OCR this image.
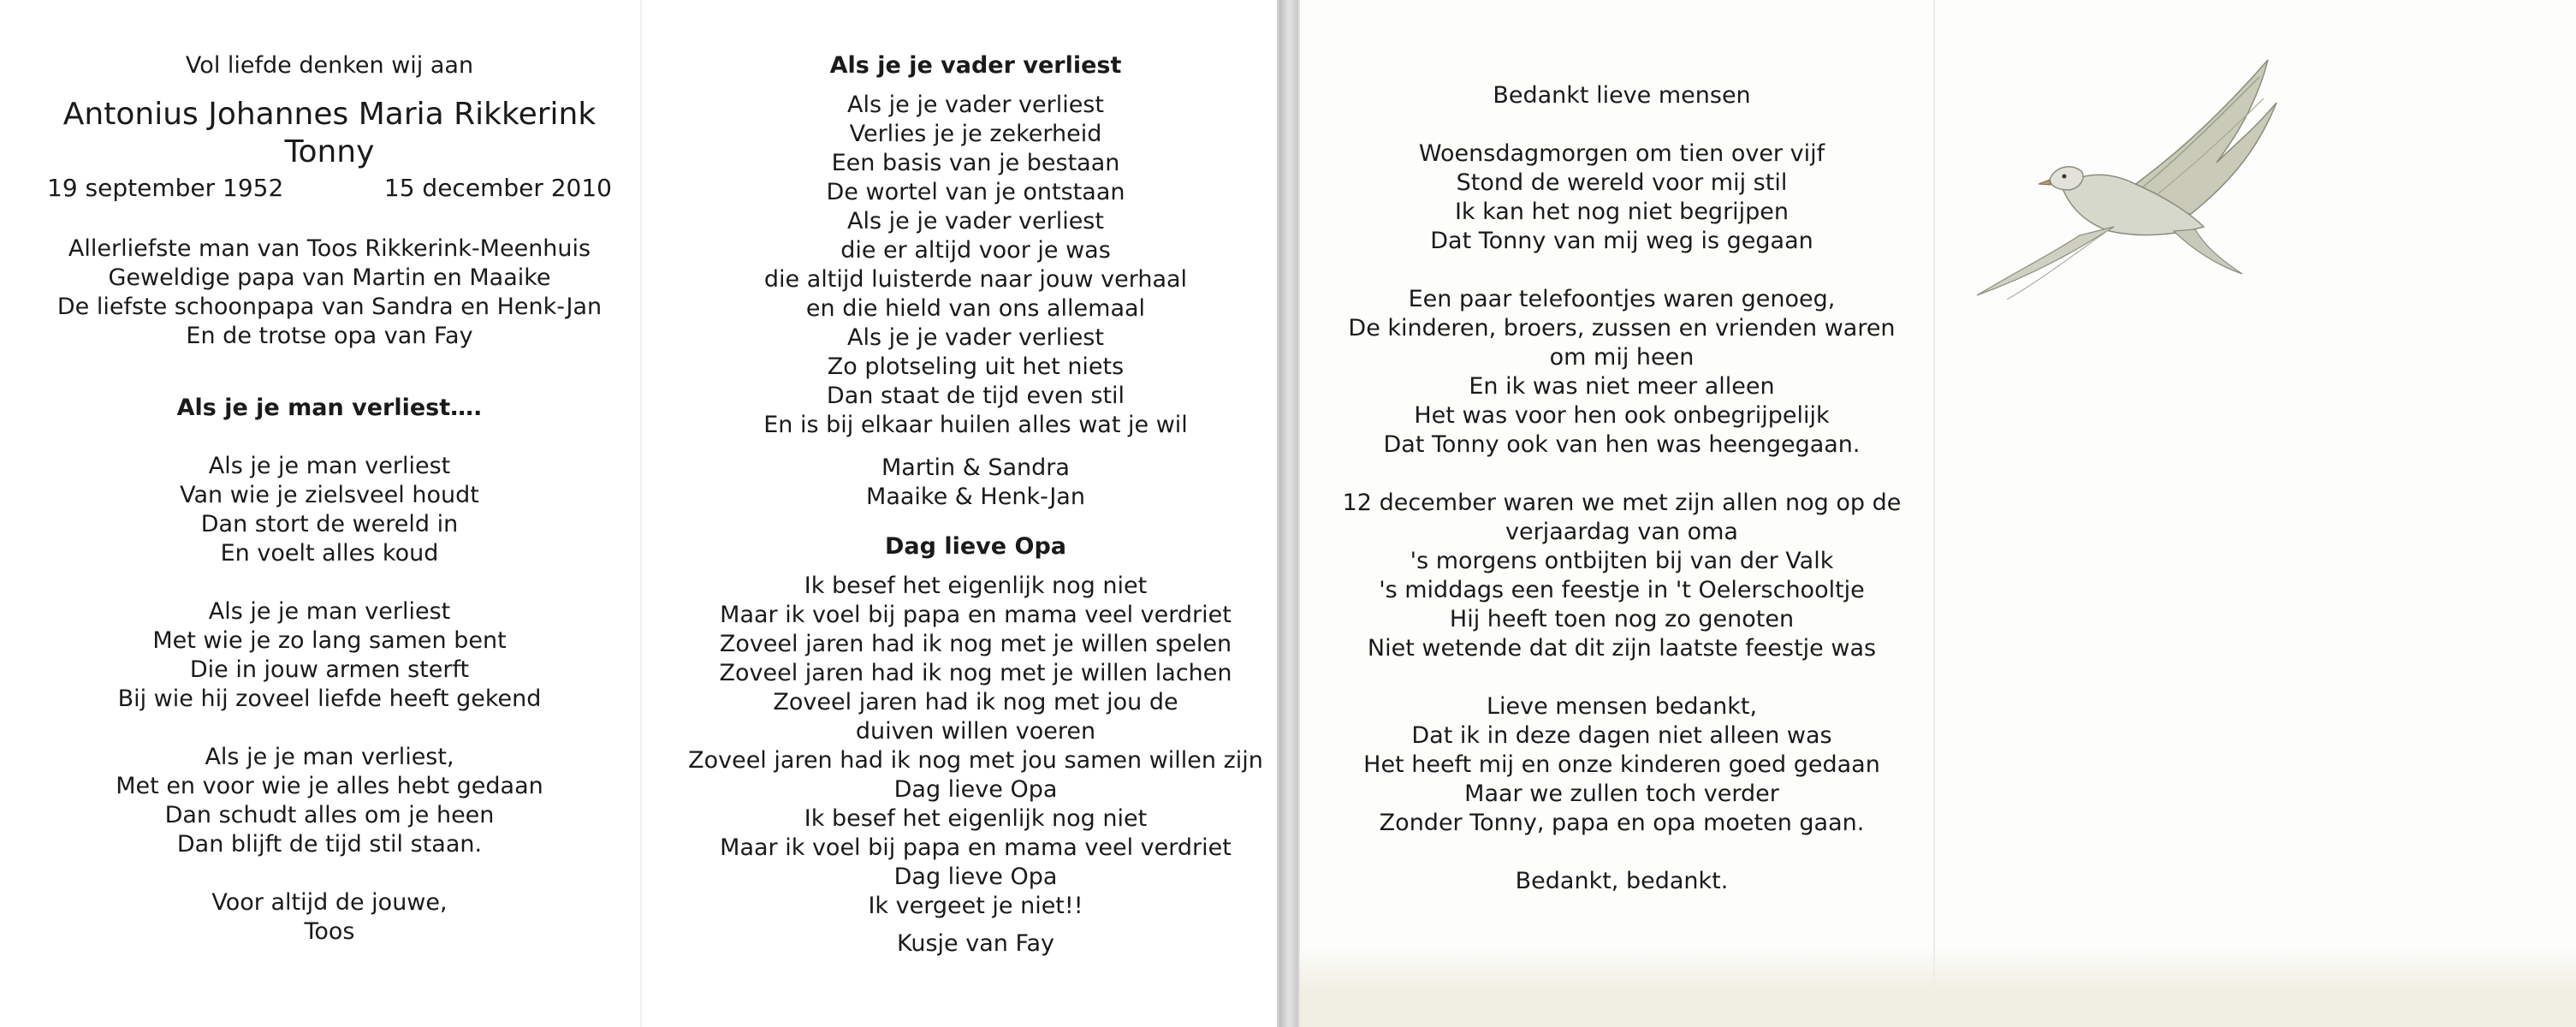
Vol liefde denken wij aan
Antonius Johannes Maria Rikkerink
Tonny
19 september 1952	15 december 2010
Allerliefste man van Toos Rikkerink-Meenhuis
Geweldige papa van Martin en Maaike
De liefste schoonpapa van Sandra en Henk-Jan
En de trotse opa van Fay
Als je je man verliest….
Als je je man verliest
Van wie je zielsveel houdt
Dan stort de wereld in
En voelt alles koud
Als je je man verliest
Met wie je zo lang samen bent
Die in jouw armen sterft
Bij wie hij zoveel liefde heeft gekend
Als je je man verliest,
Met en voor wie je alles hebt gedaan
Dan schudt alles om je heen
Dan blijft de tijd stil staan.
Voor altijd de jouwe,
Toos
Als je je vader verliest
Als je je vader verliest
Verlies je je zekerheid
Een basis van je bestaan
De wortel van je ontstaan
Als je je vader verliest
die er altijd voor je was
die altijd luisterde naar jouw verhaal
en die hield van ons allemaal
Als je je vader verliest
Zo plotseling uit het niets
Dan staat de tijd even stil
En is bij elkaar huilen alles wat je wil
Martin & Sandra
Maaike & Henk-Jan
Dag lieve Opa
Ik besef het eigenlijk nog niet
Maar ik voel bij papa en mama veel verdriet
Zoveel jaren had ik nog met je willen spelen
Zoveel jaren had ik nog met je willen lachen
Zoveel jaren had ik nog met jou de
duiven willen voeren
Zoveel jaren had ik nog met jou samen willen zijn
Dag lieve Opa
Ik besef het eigenlijk nog niet
Maar ik voel bij papa en mama veel verdriet
Dag lieve Opa
Ik vergeet je niet!!
Kusje van Fay
Bedankt lieve mensen
Woensdagmorgen om tien over vijf
Stond de wereld voor mij stil
Ik kan het nog niet begrijpen
Dat Tonny van mij weg is gegaan
Een paar telefoontjes waren genoeg,
De kinderen, broers, zussen en vrienden waren
om mij heen
En ik was niet meer alleen
Het was voor hen ook onbegrijpelijk
Dat Tonny ook van hen was heengegaan.
12 december waren we met zijn allen nog op de
verjaardag van oma
's morgens ontbijten bij van der Valk
's middags een feestje in 't Oelerschooltje
Hij heeft toen nog zo genoten
Niet wetende dat dit zijn laatste feestje was
Lieve mensen bedankt,
Dat ik in deze dagen niet alleen was
Het heeft mij en onze kinderen goed gedaan
Maar we zullen toch verder
Zonder Tonny, papa en opa moeten gaan.
Bedankt, bedankt.
